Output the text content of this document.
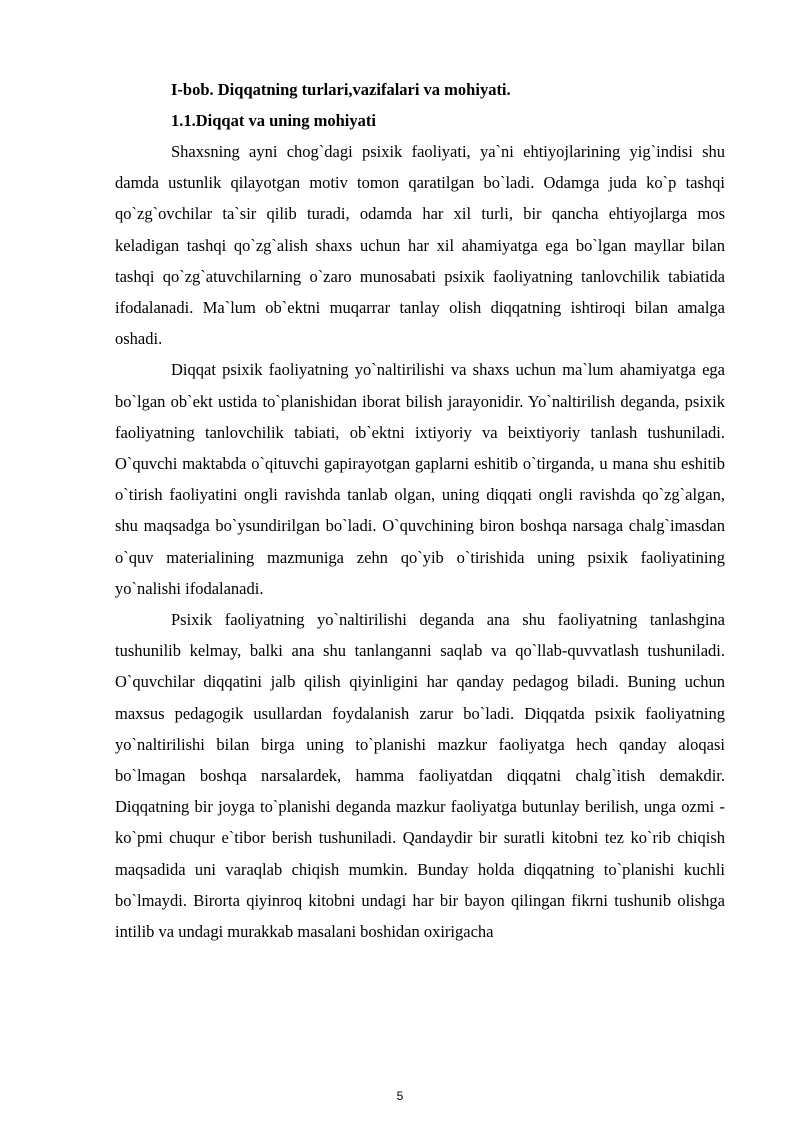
I-bob. Diqqatning turlari,vazifalari va mohiyati.

1.1.Diqqat va uning mohiyati

Shaxsning ayni chog`dagi psixik faoliyati, ya`ni ehtiyojlarining yig`indisi shu damda ustunlik qilayotgan motiv tomon qaratilgan bo`ladi. Odamga juda ko`p tashqi qo`zg`ovchilar ta`sir qilib turadi, odamda har xil turli, bir qancha ehtiyojlarga mos keladigan tashqi qo`zg`alish shaxs uchun har xil ahamiyatga ega bo`lgan mayllar bilan tashqi qo`zg`atuvchilarning o`zaro munosabati psixik faoliyatning tanlovchilik tabiatida ifodalanadi. Ma`lum ob`ektni muqarrar tanlay olish diqqatning ishtiroqi bilan amalga oshadi.

Diqqat psixik faoliyatning yo`naltirilishi va shaxs uchun ma`lum ahamiyatga ega bo`lgan ob`ekt ustida to`planishidan iborat bilish jarayonidir. Yo`naltirilish deganda, psixik faoliyatning tanlovchilik tabiati, ob`ektni ixtiyoriy va beixtiyoriy tanlash tushuniladi. O`quvchi maktabda o`qituvchi gapirayotgan gaplarni eshitib o`tirganda, u mana shu eshitib o`tirish faoliyatini ongli ravishda tanlab olgan, uning diqqati ongli ravishda qo`zg`algan, shu maqsadga bo`ysundirilgan bo`ladi. O`quvchining biron boshqa narsaga chalg`imasdan o`quv materialining mazmuniga zehn qo`yib o`tirishida uning psixik faoliyatining yo`nalishi ifodalanadi.

Psixik faoliyatning yo`naltirilishi deganda ana shu faoliyatning tanlashgina tushunilib kelmay, balki ana shu tanlanganni saqlab va qo`llab-quvvatlash tushuniladi. O`quvchilar diqqatini jalb qilish qiyinligini har qanday pedagog biladi. Buning uchun maxsus pedagogik usullardan foydalanish zarur bo`ladi. Diqqatda psixik faoliyatning yo`naltirilishi bilan birga uning to`planishi mazkur faoliyatga hech qanday aloqasi bo`lmagan boshqa narsalardek, hamma faoliyatdan diqqatni chalg`itish demakdir. Diqqatning bir joyga to`planishi deganda mazkur faoliyatga butunlay berilish, unga ozmi - ko`pmi chuqur e`tibor berish tushuniladi. Qandaydir bir suratli kitobni tez ko`rib chiqish maqsadida uni varaqlab chiqish mumkin. Bunday holda diqqatning to`planishi kuchli bo`lmaydi. Birorta qiyinroq kitobni undagi har bir bayon qilingan fikrni tushunib olishga intilib va undagi murakkab masalani boshidan oxirigacha

5
